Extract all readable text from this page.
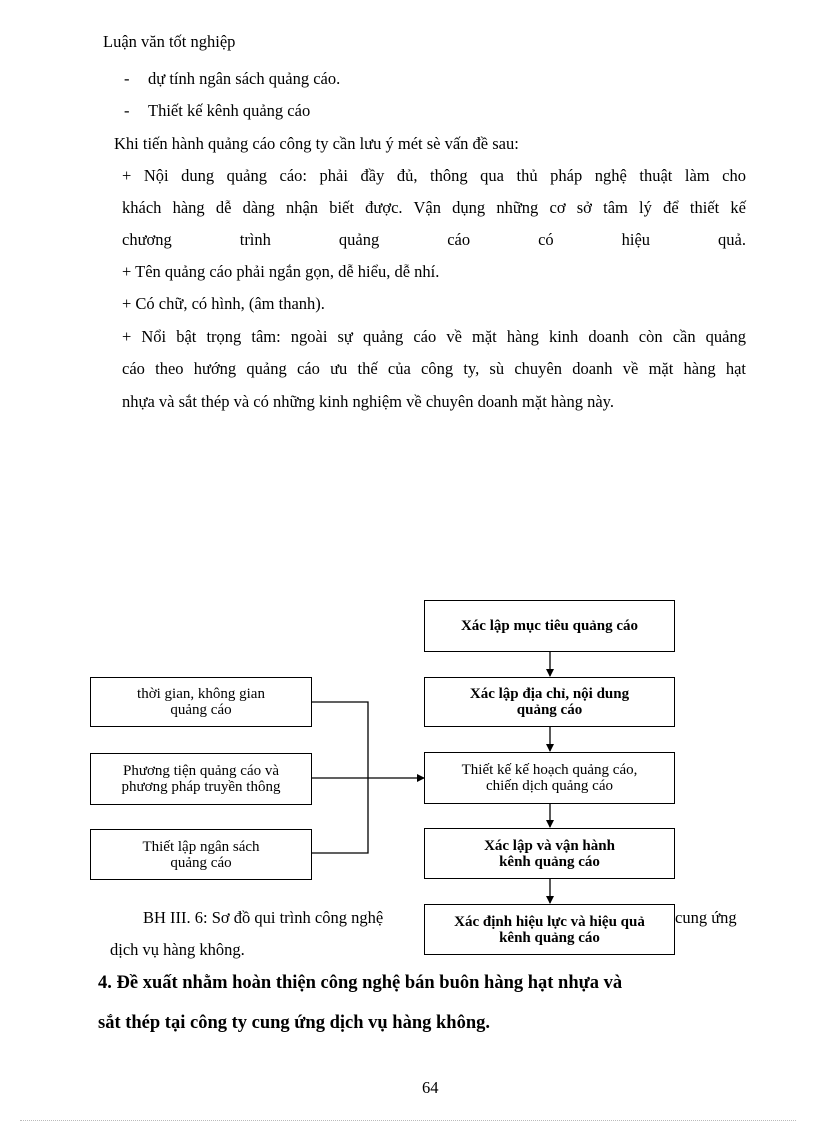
Luận văn tốt nghiệp
- dự tính ngân sách quảng cáo.
- Thiết kế kênh quảng cáo
Khi tiến hành quảng cáo công ty cần lưu ý mét sè vấn đề sau:
+ Nội dung quảng cáo: phải đầy đủ, thông qua thủ pháp nghệ thuật làm cho
khách hàng dễ dàng nhận biết được. Vận dụng những cơ sở tâm lý để thiết kế
chương trình quảng cáo có hiệu quả.
+ Tên quảng cáo phải ngắn gọn, dễ hiểu, dễ nhí.
+ Có chữ, có hình, (âm thanh).
+ Nổi bật trọng tâm: ngoài sự quảng cáo về mặt hàng kinh doanh còn cần quảng
cáo theo hướng quảng cáo ưu thế của công ty, sù chuyên doanh về mặt hàng hạt
nhựa và sắt thép và có những kinh nghiệm về chuyên doanh mặt hàng này.
BH III. 6: Sơ đồ qui trình công nghệ	cung ứng
dịch vụ hàng không.
thời gian, không gian
quảng cáo
Phương tiện quảng cáo và
phương pháp truyền thông
Thiết lập ngân sách
quảng cáo
Xác lập mục tiêu quảng cáo
Xác lập địa chỉ, nội dung
quảng cáo
Thiết kế kế hoạch quảng cáo,
chiến dịch quảng cáo
Xác lập và vận hành
kênh quảng cáo
Xác định hiệu lực và hiệu quả
kênh quảng cáo
4. Đề xuất nhằm hoàn thiện công nghệ bán buôn hàng hạt nhựa và
sắt thép tại công ty cung ứng dịch vụ hàng không.
64
